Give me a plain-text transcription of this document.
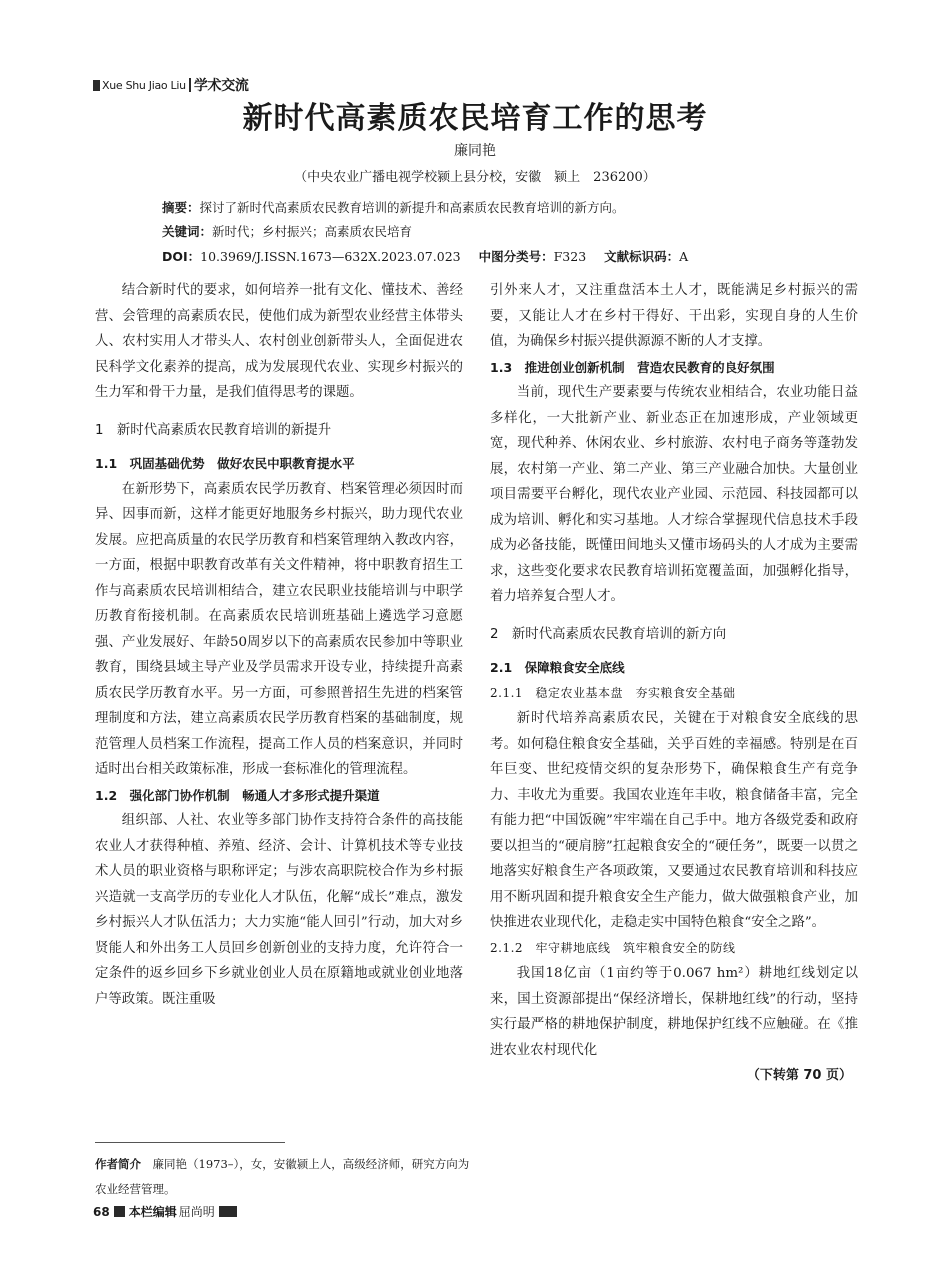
Xue Shu Jiao Liu 学术交流
新时代高素质农民培育工作的思考
廉同艳
（中央农业广播电视学校颍上县分校，安徽　颍上　236200）
摘要：探讨了新时代高素质农民教育培训的新提升和高素质农民教育培训的新方向。
关键词：新时代；乡村振兴；高素质农民培育
DOI：10.3969/J.ISSN.1673—632X.2023.07.023 中图分类号：F323 文献标识码：A

结合新时代的要求，如何培养一批有文化、懂技术、善经营、会管理的高素质农民，使他们成为新型农业经营主体带头人、农村实用人才带头人、农村创业创新带头人，全面促进农民科学文化素养的提高，成为发展现代农业、实现乡村振兴的生力军和骨干力量，是我们值得思考的课题。

1　新时代高素质农民教育培训的新提升
1.1　巩固基础优势　做好农民中职教育提水平

在新形势下，高素质农民学历教育、档案管理必须因时而异、因事而新，这样才能更好地服务乡村振兴，助力现代农业发展。应把高质量的农民学历教育和档案管理纳入教改内容，一方面，根据中职教育改革有关文件精神，将中职教育招生工作与高素质农民培训相结合，建立农民职业技能培训与中职学历教育衔接机制。在高素质农民培训班基础上遴选学习意愿强、产业发展好、年龄50周岁以下的高素质农民参加中等职业教育，围绕县域主导产业及学员需求开设专业，持续提升高素质农民学历教育水平。另一方面，可参照普招生先进的档案管理制度和方法，建立高素质农民学历教育档案的基础制度，规范管理人员档案工作流程，提高工作人员的档案意识，并同时适时出台相关政策标准，形成一套标准化的管理流程。

1.2　强化部门协作机制　畅通人才多形式提升渠道

组织部、人社、农业等多部门协作支持符合条件的高技能农业人才获得种植、养殖、经济、会计、计算机技术等专业技术人员的职业资格与职称评定；与涉农高职院校合作为乡村振兴造就一支高学历的专业化人才队伍，化解“成长”难点，激发乡村振兴人才队伍活力；大力实施“能人回引”行动，加大对乡贤能人和外出务工人员回乡创新创业的支持力度，允许符合一定条件的返乡回乡下乡就业创业人员在原籍地或就业创业地落户等政策。既注重吸

引外来人才，又注重盘活本土人才，既能满足乡村振兴的需要，又能让人才在乡村干得好、干出彩，实现自身的人生价值，为确保乡村振兴提供源源不断的人才支撑。

1.3　推进创业创新机制　营造农民教育的良好氛围

当前，现代生产要素要与传统农业相结合，农业功能日益多样化，一大批新产业、新业态正在加速形成，产业领域更宽，现代种养、休闲农业、乡村旅游、农村电子商务等蓬勃发展，农村第一产业、第二产业、第三产业融合加快。大量创业项目需要平台孵化，现代农业产业园、示范园、科技园都可以成为培训、孵化和实习基地。人才综合掌握现代信息技术手段成为必备技能，既懂田间地头又懂市场码头的人才成为主要需求，这些变化要求农民教育培训拓宽覆盖面，加强孵化指导，着力培养复合型人才。

2　新时代高素质农民教育培训的新方向
2.1　保障粮食安全底线
2.1.1　稳定农业基本盘　夯实粮食安全基础

新时代培养高素质农民，关键在于对粮食安全底线的思考。如何稳住粮食安全基础，关乎百姓的幸福感。特别是在百年巨变、世纪疫情交织的复杂形势下，确保粮食生产有竞争力、丰收尤为重要。我国农业连年丰收，粮食储备丰富，完全有能力把“中国饭碗”牢牢端在自己手中。地方各级党委和政府要以担当的“硬肩膀”扛起粮食安全的“硬任务”，既要一以贯之地落实好粮食生产各项政策，又要通过农民教育培训和科技应用不断巩固和提升粮食安全生产能力，做大做强粮食产业，加快推进农业现代化，走稳走实中国特色粮食“安全之路”。

2.1.2　牢守耕地底线　筑牢粮食安全的防线

我国18亿亩（1亩约等于0.067 hm²）耕地红线划定以来，国土资源部提出“保经济增长，保耕地红线”的行动，坚持实行最严格的耕地保护制度，耕地保护红线不应触碰。在《推进农业农村现代化

（下转第 70 页）
作者简介　 廉同艳（1973–），女，安徽颍上人，高级经济师，研究方向为农业经营管理。
68 本栏编辑 屈尚明
